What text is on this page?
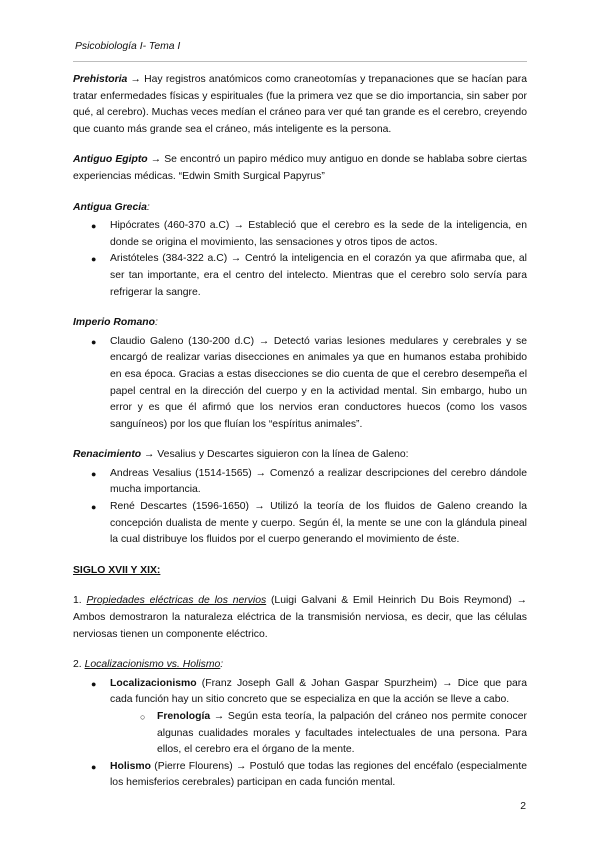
Psicobiología I- Tema I

Prehistoria → Hay registros anatómicos como craneotomías y trepanaciones que se hacían para tratar enfermedades físicas y espirituales (fue la primera vez que se dio importancia, sin saber por qué, al cerebro). Muchas veces medían el cráneo para ver qué tan grande es el cerebro, creyendo que cuanto más grande sea el cráneo, más inteligente es la persona.

Antiguo Egipto → Se encontró un papiro médico muy antiguo en donde se hablaba sobre ciertas experiencias médicas. “Edwin Smith Surgical Papyrus”

Antigua Grecia:

● Hipócrates (460-370 a.C) → Estableció que el cerebro es la sede de la inteligencia, en donde se origina el movimiento, las sensaciones y otros tipos de actos.
● Aristóteles (384-322 a.C) → Centró la inteligencia en el corazón ya que afirmaba que, al ser tan importante, era el centro del intelecto. Mientras que el cerebro solo servía para refrigerar la sangre.

Imperio Romano:

● Claudio Galeno (130-200 d.C) → Detectó varias lesiones medulares y cerebrales y se encargó de realizar varias disecciones en animales ya que en humanos estaba prohibido en esa época. Gracias a estas disecciones se dio cuenta de que el cerebro desempeña el papel central en la dirección del cuerpo y en la actividad mental. Sin embargo, hubo un error y es que él afirmó que los nervios eran conductores huecos (como los vasos sanguíneos) por los que fluían los “espíritus animales”.

Renacimiento → Vesalius y Descartes siguieron con la línea de Galeno:

● Andreas Vesalius (1514-1565) → Comenzó a realizar descripciones del cerebro dándole mucha importancia.
● René Descartes (1596-1650) → Utilizó la teoría de los fluidos de Galeno creando la concepción dualista de mente y cuerpo. Según él, la mente se une con la glándula pineal la cual distribuye los fluidos por el cuerpo generando el movimiento de éste.

SIGLO XVII Y XIX:

1. Propiedades eléctricas de los nervios (Luigi Galvani & Emil Heinrich Du Bois Reymond) → Ambos demostraron la naturaleza eléctrica de la transmisión nerviosa, es decir, que las células nerviosas tienen un componente eléctrico.

2. Localizacionismo vs. Holismo:

● Localizacionismo (Franz Joseph Gall & Johan Gaspar Spurzheim) → Dice que para cada función hay un sitio concreto que se especializa en que la acción se lleve a cabo.
○ Frenología → Según esta teoría, la palpación del cráneo nos permite conocer algunas cualidades morales y facultades intelectuales de una persona. Para ellos, el cerebro era el órgano de la mente.
● Holismo (Pierre Flourens) → Postuló que todas las regiones del encéfalo (especialmente los hemisferios cerebrales) participan en cada función mental.
2
